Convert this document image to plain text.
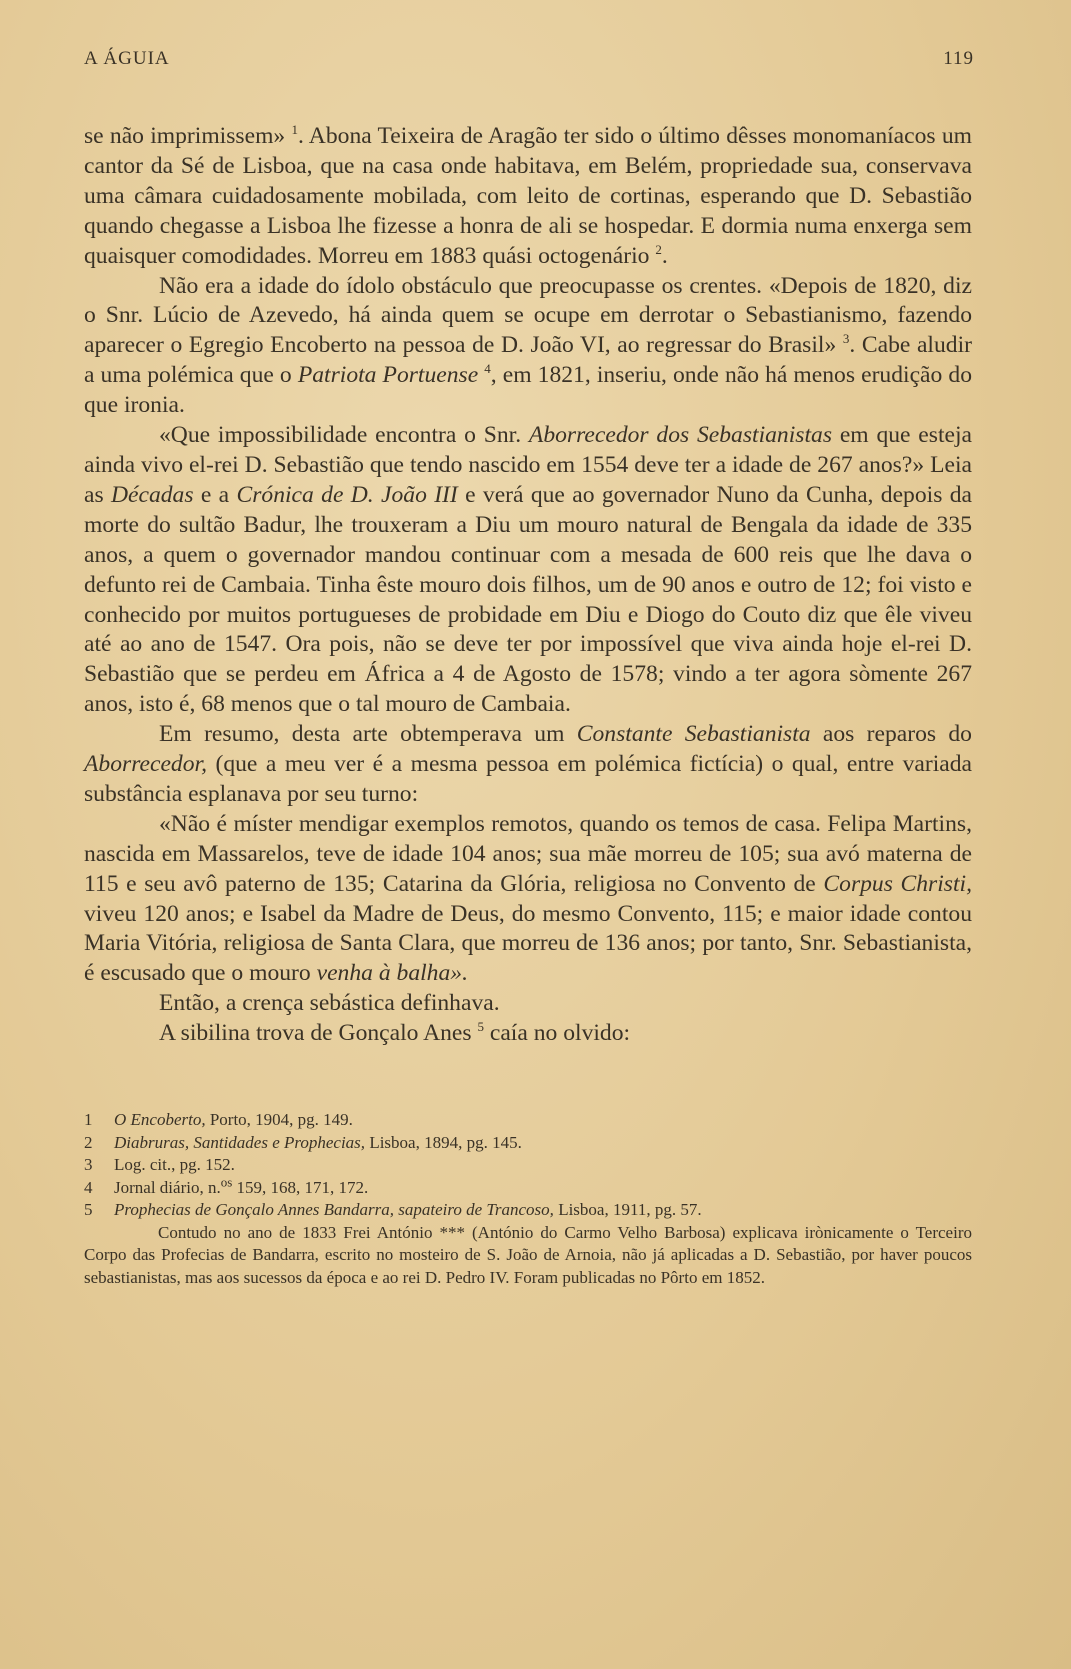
A ÁGUIA	119

se não imprimissem» $^1$. Abona Teixeira de Aragão ter sido o último dêsses monomaníacos um cantor da Sé de Lisboa, que na casa onde habitava, em Belém, propriedade sua, conservava uma câmara cuidadosamente mobilada, com leito de cortinas, esperando que D. Sebastião quando chegasse a Lisboa lhe fizesse a honra de ali se hospedar. E dormia numa enxerga sem quaisquer comodidades. Morreu em 1883 quási octogenário $^2$.

Não era a idade do ídolo obstáculo que preocupasse os crentes. «Depois de 1820, diz o Snr. Lúcio de Azevedo, há ainda quem se ocupe em derrotar o Sebastianismo, fazendo aparecer o Egregio Encoberto na pessoa de D. João VI, ao regressar do Brasil» $^3$. Cabe aludir a uma polémica que o Patriota Portuense $^4$, em 1821, inseriu, onde não há menos erudição do que ironia.

«Que impossibilidade encontra o Snr. Aborrecedor dos Sebastianistas em que esteja ainda vivo el-rei D. Sebastião que tendo nascido em 1554 deve ter a idade de 267 anos?» Leia as Décadas e a Crónica de D. João III e verá que ao governador Nuno da Cunha, depois da morte do sultão Badur, lhe trouxeram a Diu um mouro natural de Bengala da idade de 335 anos, a quem o governador mandou continuar com a mesada de 600 reis que lhe dava o defunto rei de Cambaia. Tinha êste mouro dois filhos, um de 90 anos e outro de 12; foi visto e conhecido por muitos portugueses de probidade em Diu e Diogo do Couto diz que êle viveu até ao ano de 1547. Ora pois, não se deve ter por impossível que viva ainda hoje el-rei D. Sebastião que se perdeu em África a 4 de Agosto de 1578; vindo a ter agora sòmente 267 anos, isto é, 68 menos que o tal mouro de Cambaia.

Em resumo, desta arte obtemperava um Constante Sebastianista aos reparos do Aborrecedor, (que a meu ver é a mesma pessoa em polémica fictícia) o qual, entre variada substância esplanava por seu turno:

«Não é míster mendigar exemplos remotos, quando os temos de casa. Felipa Martins, nascida em Massarelos, teve de idade 104 anos; sua mãe morreu de 105; sua avó materna de 115 e seu avô paterno de 135; Catarina da Glória, religiosa no Convento de Corpus Christi, viveu 120 anos; e Isabel da Madre de Deus, do mesmo Convento, 115; e maior idade contou Maria Vitória, religiosa de Santa Clara, que morreu de 136 anos; por tanto, Snr. Sebastianista, é escusado que o mouro venha à balha».

Então, a crença sebástica definhava.

A sibilina trova de Gonçalo Anes $^5$ caía no olvido:

1	O Encoberto, Porto, 1904, pg. 149.
2	Diabruras, Santidades e Prophecias, Lisboa, 1894, pg. 145.
3	Log. cit., pg. 152.
4	Jornal diário, n.$^{os}$ 159, 168, 171, 172.
5	Prophecias de Gonçalo Annes Bandarra, sapateiro de Trancoso, Lisboa, 1911, pg. 57.
Contudo no ano de 1833 Frei António *** (António do Carmo Velho Barbosa) explicava irònicamente o Terceiro Corpo das Profecias de Bandarra, escrito no mosteiro de S. João de Arnoia, não já aplicadas a D. Sebastião, por haver poucos sebastianistas, mas aos sucessos da época e ao rei D. Pedro IV. Foram publicadas no Pôrto em 1852.
